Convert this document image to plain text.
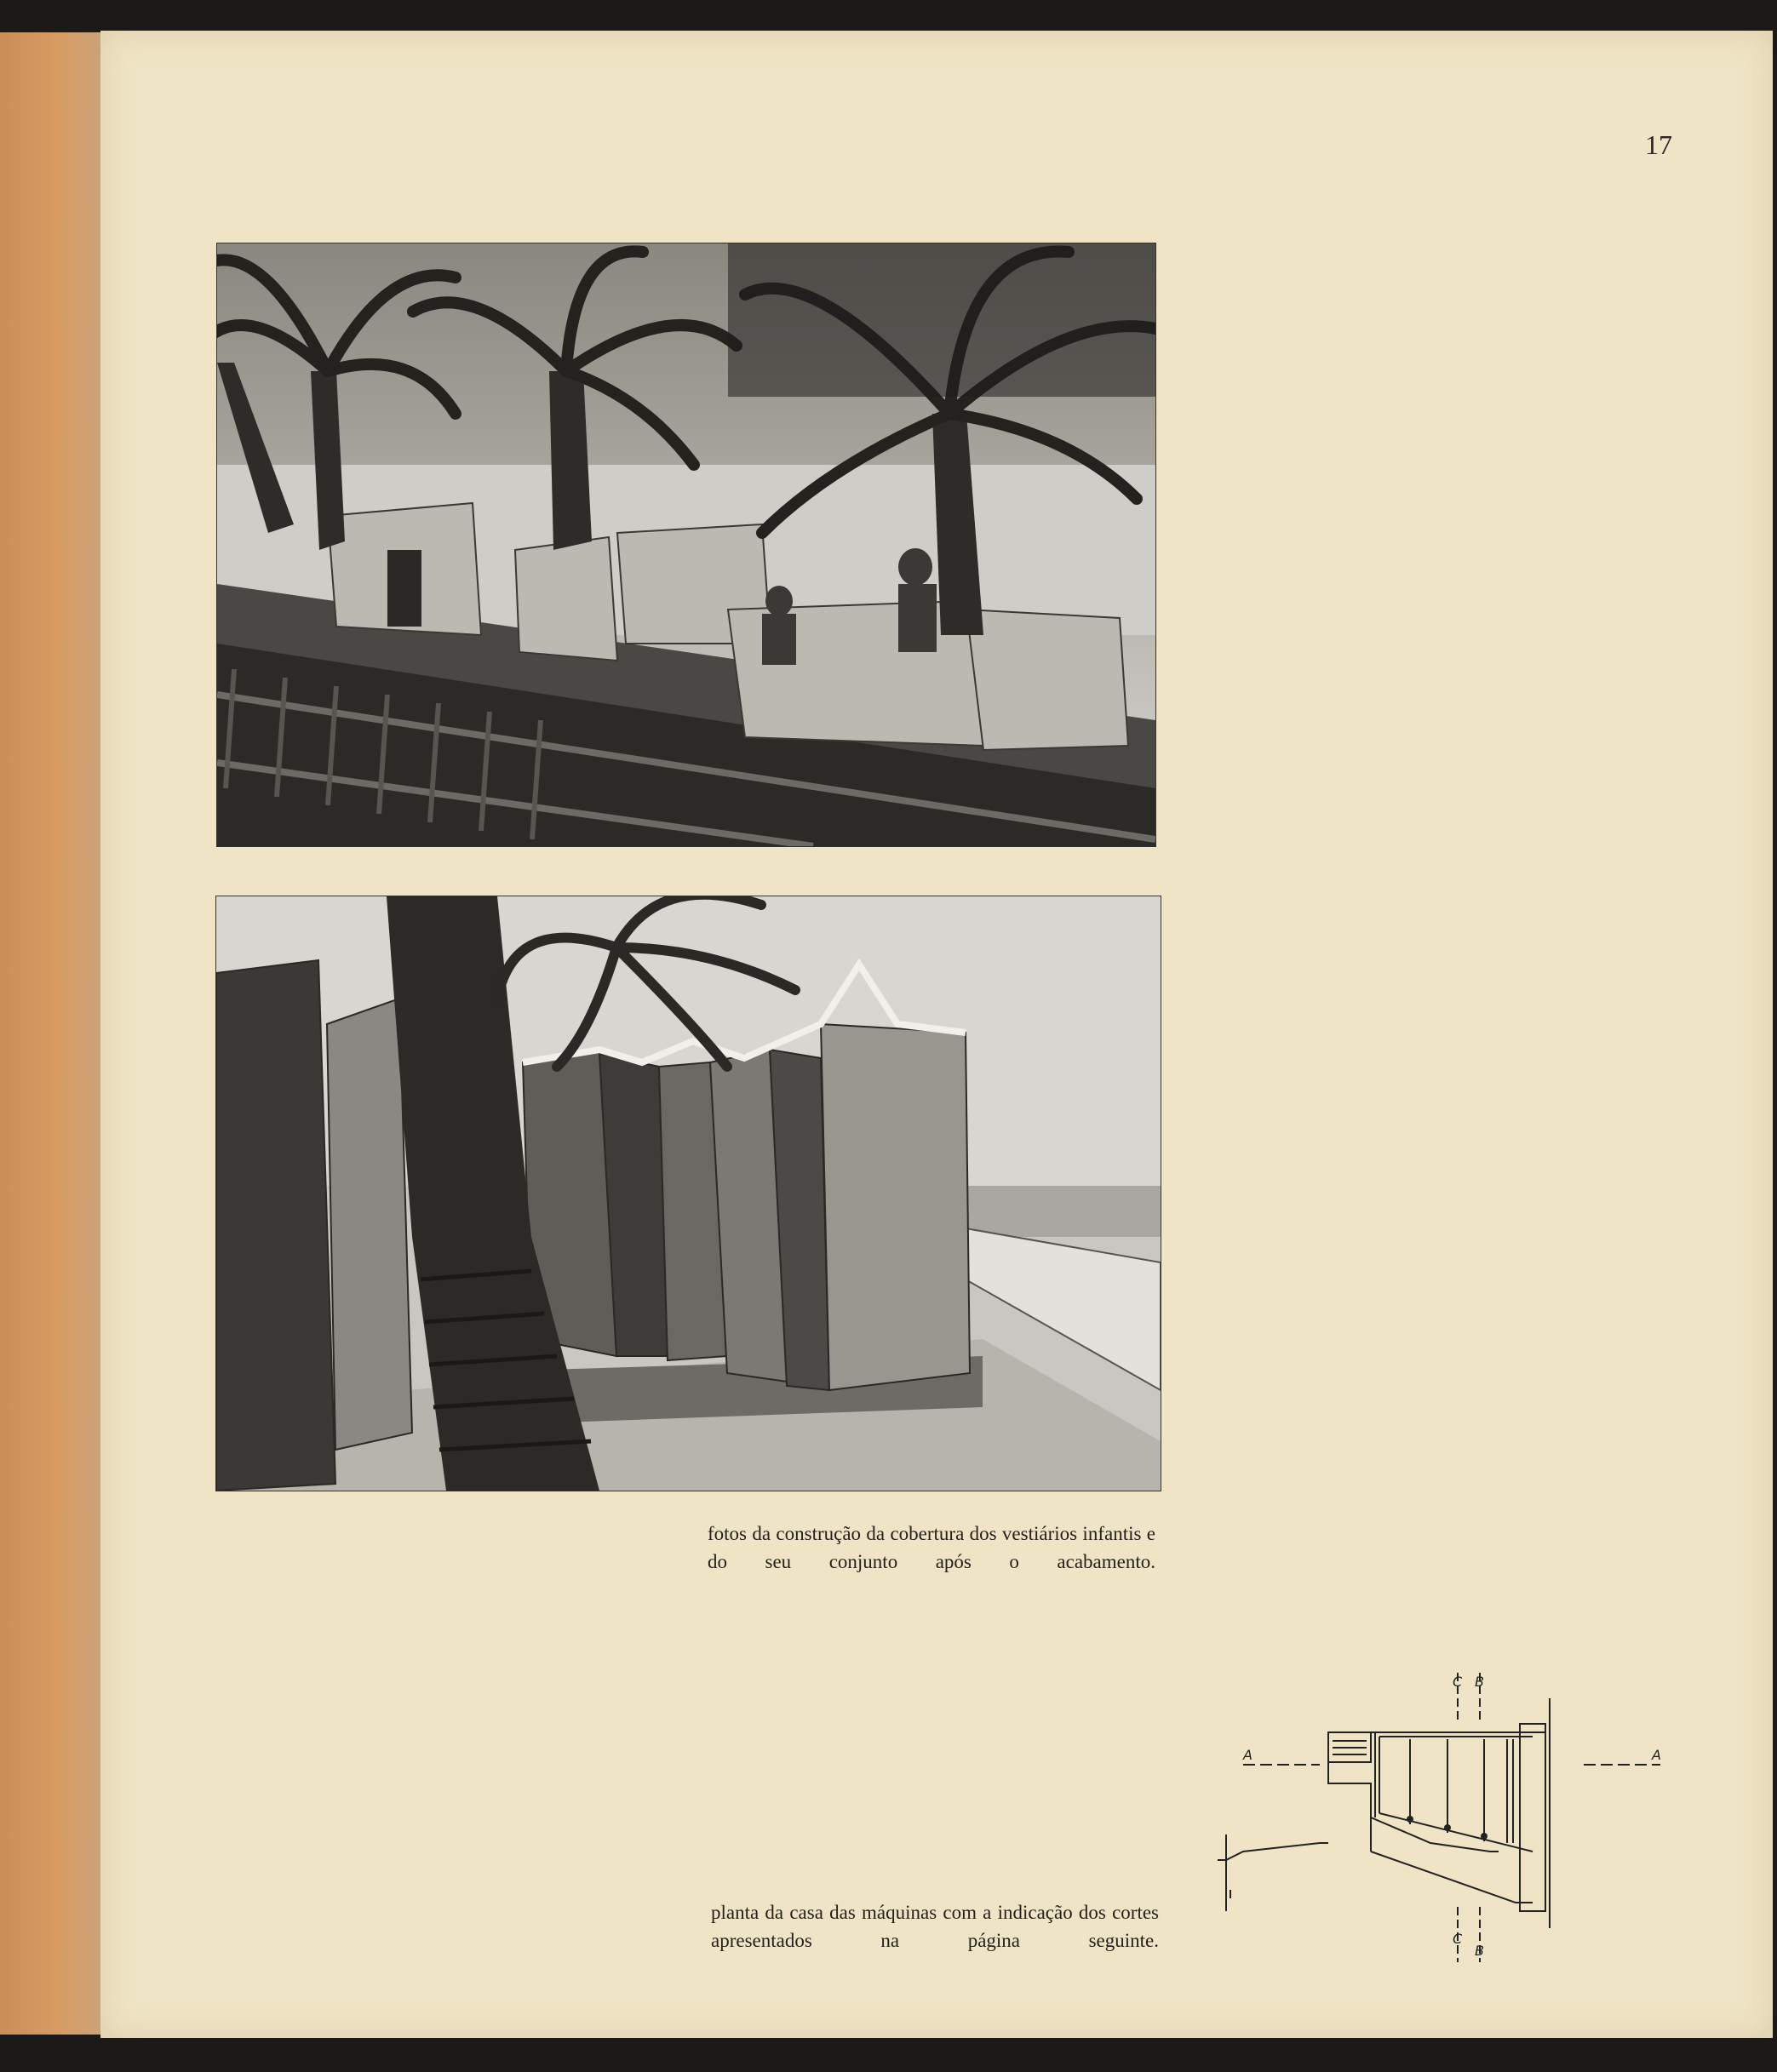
17
fotos da construção da cobertura dos vestiários infantis e do seu conjunto após o acabamento.
A	A
B
B
C
C
planta da casa das máquinas com a indicação dos cortes apresentados na página seguinte.
